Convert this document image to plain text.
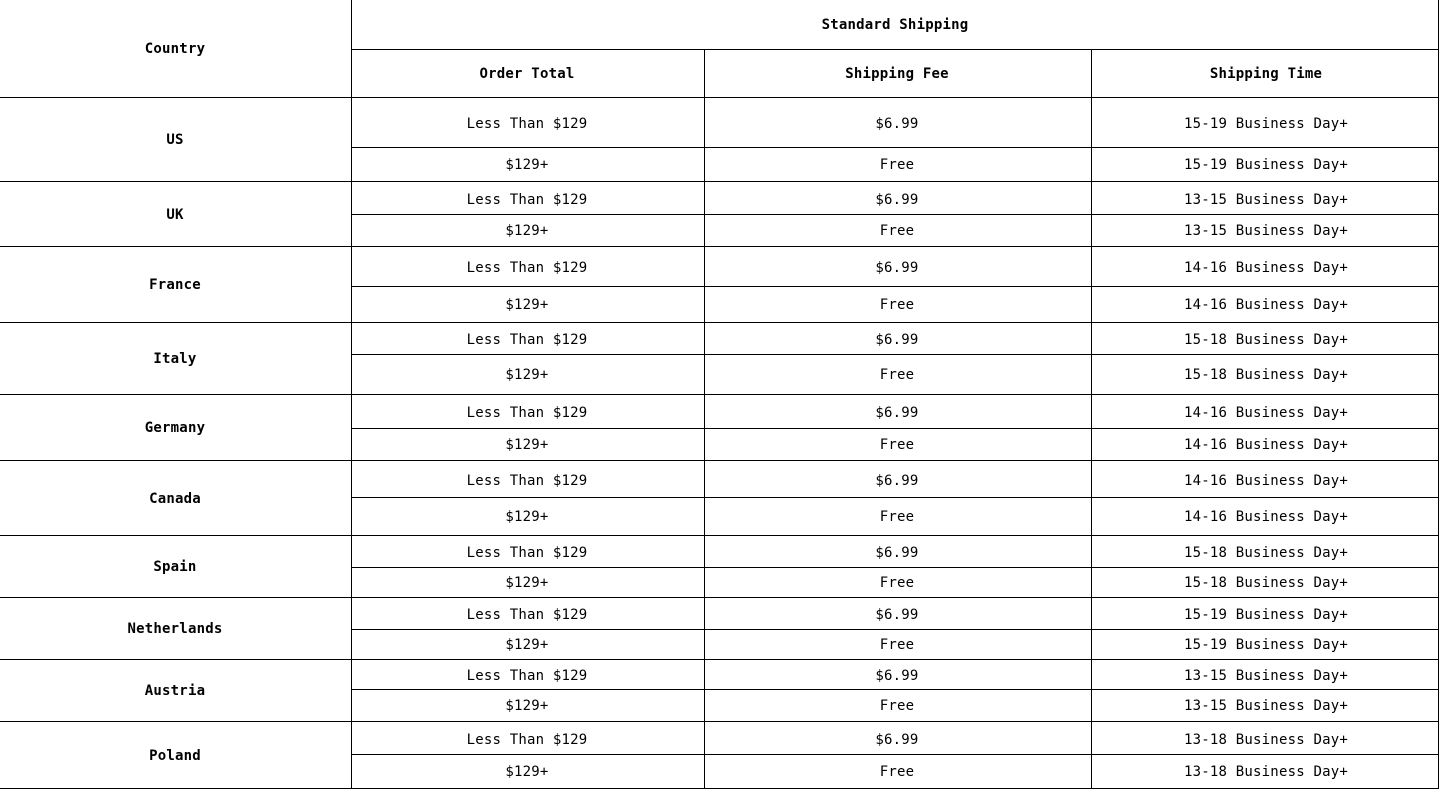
Country
Standard Shipping
Order Total	Shipping Fee	Shipping Time
US
Less Than $129	$6.99	15-19 Business Day+
$129+	Free	15-19 Business Day+
UK
Less Than $129	$6.99	13-15 Business Day+
$129+	Free	13-15 Business Day+
France
Less Than $129	$6.99	14-16 Business Day+
$129+	Free	14-16 Business Day+
Italy
Less Than $129	$6.99	15-18 Business Day+
$129+	Free	15-18 Business Day+
Germany
Less Than $129	$6.99	14-16 Business Day+
$129+	Free	14-16 Business Day+
Canada
Less Than $129	$6.99	14-16 Business Day+
$129+	Free	14-16 Business Day+
Spain
Less Than $129	$6.99	15-18 Business Day+
$129+	Free	15-18 Business Day+
Netherlands
Less Than $129	$6.99	15-19 Business Day+
$129+	Free	15-19 Business Day+
Austria
Less Than $129	$6.99	13-15 Business Day+
$129+	Free	13-15 Business Day+
Poland
Less Than $129	$6.99	13-18 Business Day+
$129+	Free	13-18 Business Day+
